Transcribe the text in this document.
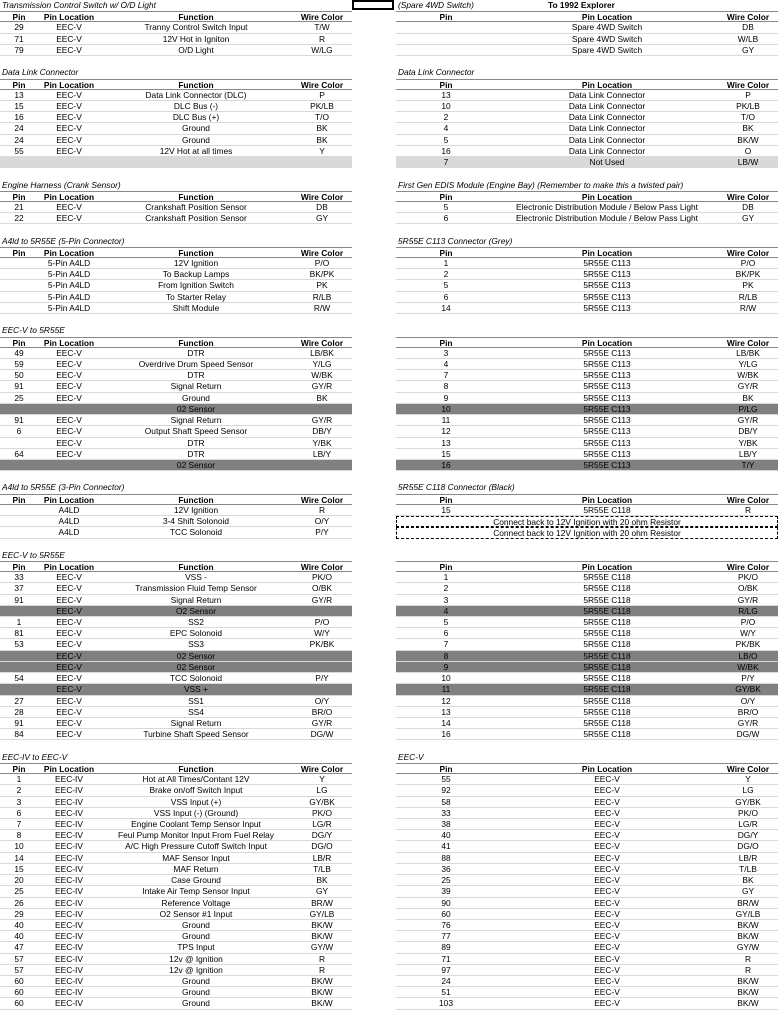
Transmission Control Switch w/ O/D Light
Pin	Pin Location	Function	Wire Color
29	EEC-V	Tranny Control Switch Input	T/W
71	EEC-V	12V Hot in Igniton	R
79	EEC-V	O/D Light	W/LG
Data Link Connector
Pin	Pin Location	Function	Wire Color
13	EEC-V	Data Link Connector (DLC)	P
15	EEC-V	DLC Bus (-)	PK/LB
16	EEC-V	DLC Bus (+)	T/O
24	EEC-V	Ground	BK
24	EEC-V	Ground	BK
55	EEC-V	12V Hot at all times	Y
Engine Harness (Crank Sensor)
Pin	Pin Location	Function	Wire Color
21	EEC-V	Crankshaft Position Sensor	DB
22	EEC-V	Crankshaft Position Sensor	GY
A4ld to 5R55E (5-Pin Connector)
Pin	Pin Location	Function	Wire Color
5-Pin A4LD	12V Ignition	P/O
5-Pin A4LD	To Backup Lamps	BK/PK
5-Pin A4LD	From Ignition Switch	PK
5-Pin A4LD	To Starter Relay	R/LB
5-Pin A4LD	Shift Module	R/W
EEC-V to 5R55E
Pin	Pin Location	Function	Wire Color
49	EEC-V	DTR	LB/BK
59	EEC-V	Overdrive Drum Speed Sensor	Y/LG
50	EEC-V	DTR	W/BK
91	EEC-V	Signal Return	GY/R
25	EEC-V	Ground	BK
02 Sensor
91	EEC-V	Signal Return	GY/R
6	EEC-V	Output Shaft Speed Sensor	DB/Y
EEC-V	DTR	Y/BK
64	EEC-V	DTR	LB/Y
02 Sensor
A4ld to 5R55E (3-Pin Connector)
Pin	Pin Location	Function	Wire Color
A4LD	12V Ignition	R
A4LD	3-4 Shift Solonoid	O/Y
A4LD	TCC Solonoid	P/Y
EEC-V to 5R55E
Pin	Pin Location	Function	Wire Color
33	EEC-V	VSS -	PK/O
37	EEC-V	Transmission Fluid Temp Sensor	O/BK
91	EEC-V	Signal Return	GY/R
EEC-V	O2 Sensor
1	EEC-V	SS2	P/O
81	EEC-V	EPC Solonoid	W/Y
53	EEC-V	SS3	PK/BK
EEC-V	02 Sensor
EEC-V	02 Sensor
54	EEC-V	TCC Solonoid	P/Y
EEC-V	VSS +
27	EEC-V	SS1	O/Y
28	EEC-V	SS4	BR/O
91	EEC-V	Signal Return	GY/R
84	EEC-V	Turbine Shaft Speed Sensor	DG/W
EEC-IV to EEC-V
Pin	Pin Location	Function	Wire Color
1	EEC-IV	Hot at All Times/Contant 12V	Y
2	EEC-IV	Brake on/off Switch Input	LG
3	EEC-IV	VSS Input (+)	GY/BK
6	EEC-IV	VSS Input (-) (Ground)	PK/O
7	EEC-IV	Engine Coolant Temp Sensor Input	LG/R
8	EEC-IV	Feul Pump Monitor Input From Fuel Relay	DG/Y
10	EEC-IV	A/C High Pressure Cutoff Switch Input	DG/O
14	EEC-IV	MAF Sensor Input	LB/R
15	EEC-IV	MAF Return	T/LB
20	EEC-IV	Case Ground	BK
25	EEC-IV	Intake Air Temp Sensor Input	GY
26	EEC-IV	Reference Voltage	BR/W
29	EEC-IV	O2 Sensor #1 Input	GY/LB
40	EEC-IV	Ground	BK/W
40	EEC-IV	Ground	BK/W
47	EEC-IV	TPS Input	GY/W
57	EEC-IV	12v @ Ignition	R
57	EEC-IV	12v @ Ignition	R
60	EEC-IV	Ground	BK/W
60	EEC-IV	Ground	BK/W
60	EEC-IV	Ground	BK/W
(Spare 4WD Switch)	To 1992 Explorer
Pin	Pin Location	Wire Color
Spare 4WD Switch	DB
Spare 4WD Switch	W/LB
Spare 4WD Switch	GY
Data Link Connector
Pin	Pin Location	Wire Color
13	Data Link Connector	P
10	Data Link Connector	PK/LB
2	Data Link Connector	T/O
4	Data Link Connector	BK
5	Data Link Connector	BK/W
16	Data Link Connector	O
7	Not Used	LB/W
First Gen EDIS Module (Engine Bay) (Remember to make this a twisted pair)
Pin	Pin Location	Wire Color
5	Electronic Distribution Module / Below Pass Light	DB
6	Electronic Distribution Module / Below Pass Light	GY
5R55E C113 Connector (Grey)
Pin	Pin Location	Wire Color
1	5R55E C113	P/O
2	5R55E C113	BK/PK
5	5R55E C113	PK
6	5R55E C113	R/LB
14	5R55E C113	R/W
Pin	Pin Location	Wire Color
3	5R55E C113	LB/BK
4	5R55E C113	Y/LG
7	5R55E C113	W/BK
8	5R55E C113	GY/R
9	5R55E C113	BK
10	5R55E C113	P/LG
11	5R55E C113	GY/R
12	5R55E C113	DB/Y
13	5R55E C113	Y/BK
15	5R55E C113	LB/Y
16	5R55E C113	T/Y
5R55E C118 Connector (Black)
Pin	Pin Location	Wire Color
15	5R55E C118	R
Connect back to 12V Ignition with 20 ohm Resistor
Connect back to 12V Ignition with 20 ohm Resistor
Pin	Pin Location	Wire Color
1	5R55E C118	PK/O
2	5R55E C118	O/BK
3	5R55E C118	GY/R
4	5R55E C118	R/LG
5	5R55E C118	P/O
6	5R55E C118	W/Y
7	5R55E C118	PK/BK
8	5R55E C118	LB/O
9	5R55E C118	W/BK
10	5R55E C118	P/Y
11	5R55E C118	GY/BK
12	5R55E C118	O/Y
13	5R55E C118	BR/O
14	5R55E C118	GY/R
16	5R55E C118	DG/W
EEC-V
Pin	Pin Location	Wire Color
55	EEC-V	Y
92	EEC-V	LG
58	EEC-V	GY/BK
33	EEC-V	PK/O
38	EEC-V	LG/R
40	EEC-V	DG/Y
41	EEC-V	DG/O
88	EEC-V	LB/R
36	EEC-V	T/LB
25	EEC-V	BK
39	EEC-V	GY
90	EEC-V	BR/W
60	EEC-V	GY/LB
76	EEC-V	BK/W
77	EEC-V	BK/W
89	EEC-V	GY/W
71	EEC-V	R
97	EEC-V	R
24	EEC-V	BK/W
51	EEC-V	BK/W
103	EEC-V	BK/W
